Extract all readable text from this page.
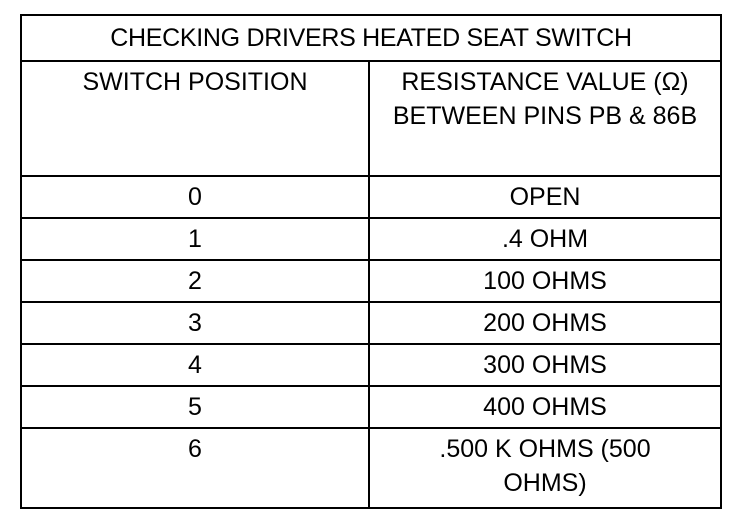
CHECKING DRIVERS HEATED SEAT SWITCH	

SWITCH POSITION	RESISTANCE VALUE (Ω) BETWEEN PINS PB & 86B

0	OPEN

1	.4 OHM

2	100 OHMS

3	200 OHMS

4	300 OHMS

5	400 OHMS

6	.500 K OHMS (500 OHMS)
